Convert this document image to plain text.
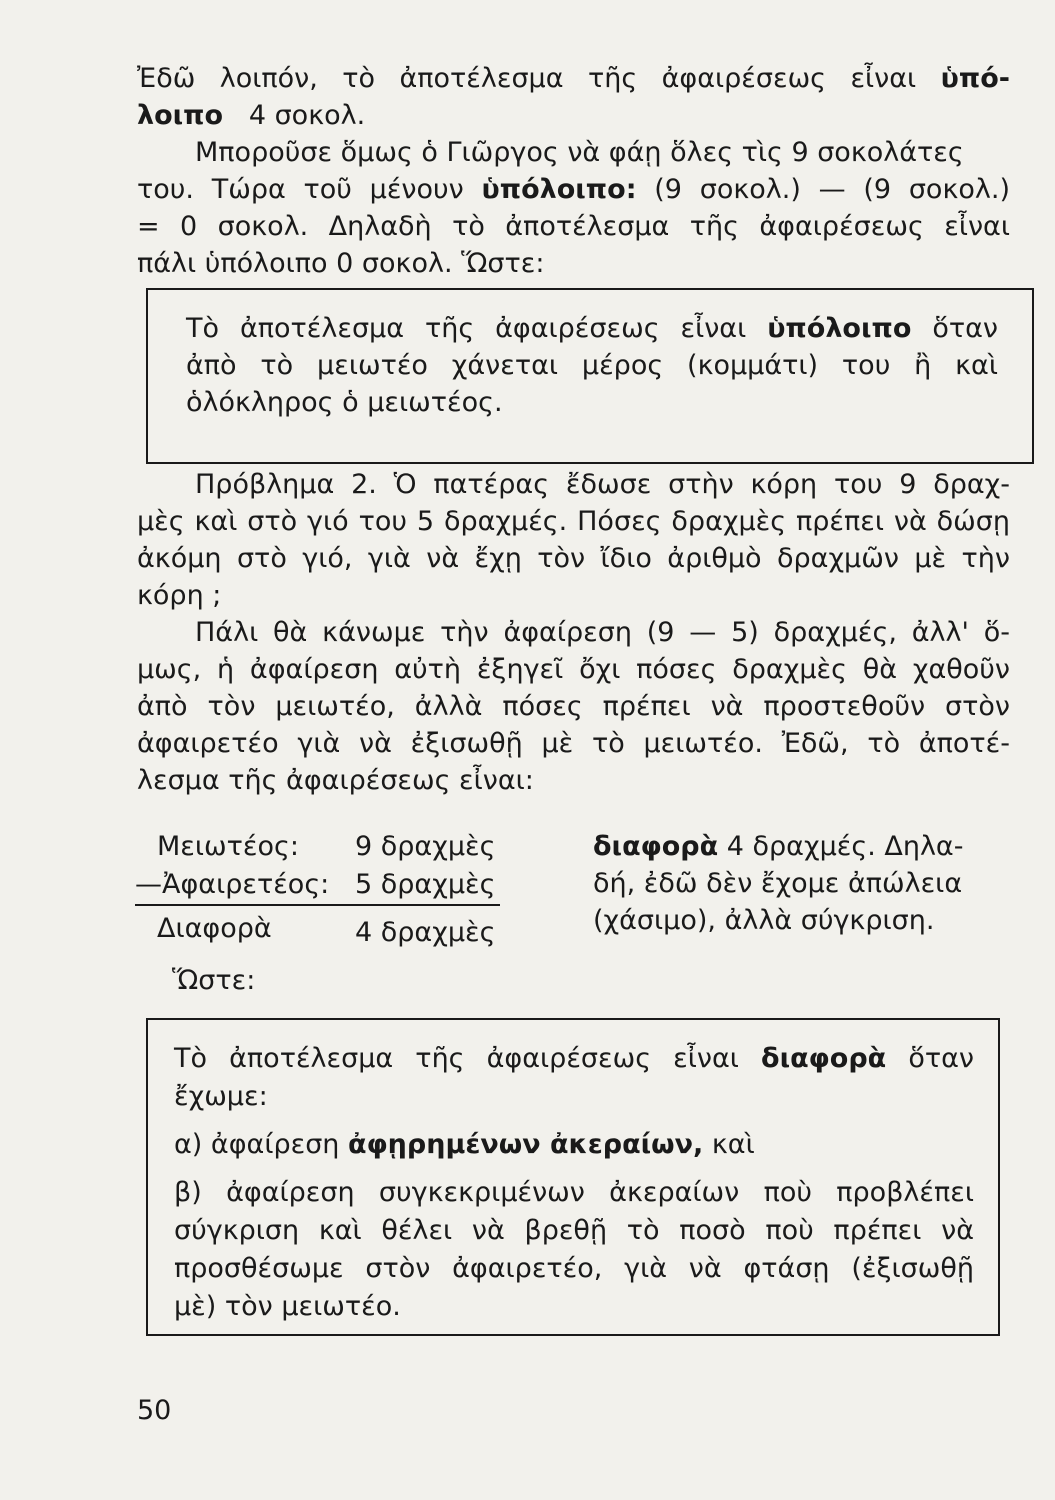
Ἐδῶ λοιπόν, τὸ ἀποτέλεσμα τῆς ἀφαιρέσεως εἶναι ὑπό-
λοιπο 4 σοκολ.
Μποροῦσε ὅμως ὁ Γιῶργος νὰ φάῃ ὅλες τὶς 9 σοκολάτες
του. Τώρα τοῦ μένουν ὑπόλοιπο: (9 σοκολ.) — (9 σοκολ.)
= 0 σοκολ. Δηλαδὴ τὸ ἀποτέλεσμα τῆς ἀφαιρέσεως εἶναι
πάλι ὑπόλοιπο 0 σοκολ. Ὥστε:
Τὸ ἀποτέλεσμα τῆς ἀφαιρέσεως εἶναι ὑπόλοιπο ὅταν
ἀπὸ τὸ μειωτέο χάνεται μέρος (κομμάτι) του ἢ καὶ
ὁλόκληρος ὁ μειωτέος.
Πρόβλημα 2. Ὁ πατέρας ἔδωσε στὴν κόρη του 9 δραχ-
μὲς καὶ στὸ γιό του 5 δραχμές. Πόσες δραχμὲς πρέπει νὰ δώσῃ
ἀκόμη στὸ γιό, γιὰ νὰ ἔχῃ τὸν ἴδιο ἀριθμὸ δραχμῶν μὲ τὴν
κόρη ;
Πάλι θὰ κάνωμε τὴν ἀφαίρεση (9 — 5) δραχμές, ἀλλ' ὅ-
μως, ἡ ἀφαίρεση αὐτὴ ἐξηγεῖ ὄχι πόσες δραχμὲς θὰ χαθοῦν
ἀπὸ τὸν μειωτέο, ἀλλὰ πόσες πρέπει νὰ προστεθοῦν στὸν
ἀφαιρετέο γιὰ νὰ ἐξισωθῇ μὲ τὸ μειωτέο. Ἐδῶ, τὸ ἀποτέ-
λεσμα τῆς ἀφαιρέσεως εἶναι:
Μειωτέος: 9 δραχμὲς
—Ἀφαιρετέος: 5 δραχμὲς
Διαφορὰ	4 δραχμὲς
διαφορὰ 4 δραχμές. Δηλα-
δή, ἐδῶ δὲν ἔχομε ἀπώλεια
(χάσιμο), ἀλλὰ σύγκριση.
Ὥστε:
Τὸ ἀποτέλεσμα τῆς ἀφαιρέσεως εἶναι διαφορὰ ὅταν
ἔχωμε:
α) ἀφαίρεση ἀφῃρημένων ἀκεραίων, καὶ
β) ἀφαίρεση συγκεκριμένων ἀκεραίων ποὺ προβλέπει
σύγκριση καὶ θέλει νὰ βρεθῇ τὸ ποσὸ ποὺ πρέπει νὰ
προσθέσωμε στὸν ἀφαιρετέο, γιὰ νὰ φτάσῃ (ἐξισωθῇ
μὲ) τὸν μειωτέο.
50
